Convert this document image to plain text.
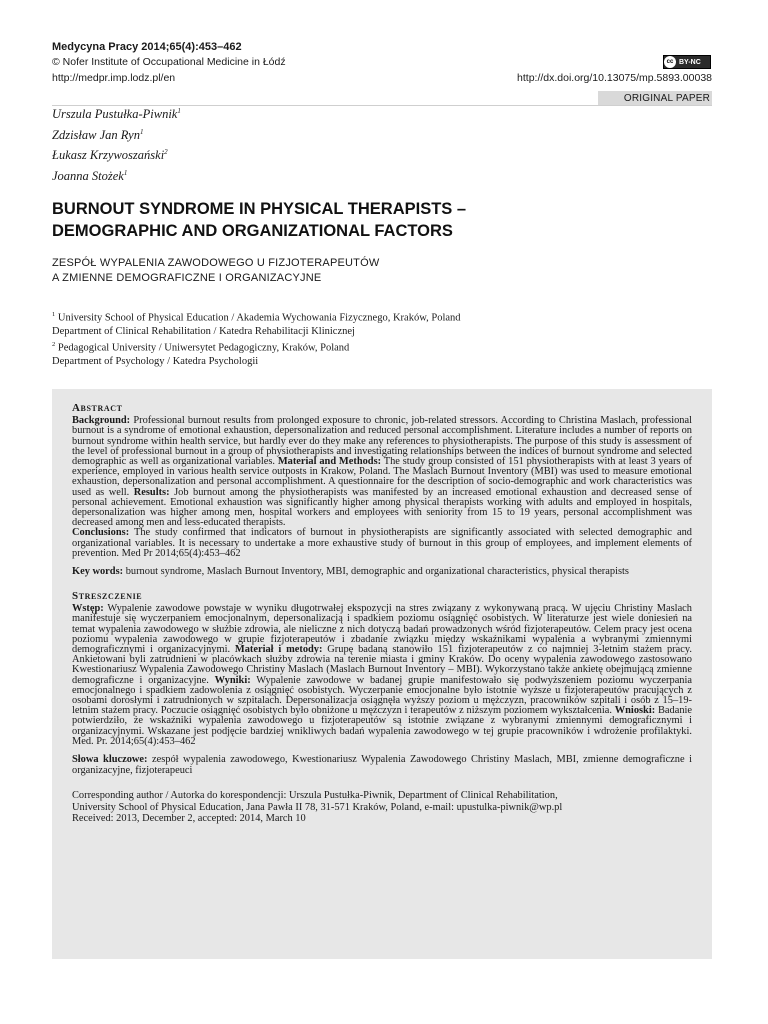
Medycyna Pracy 2014;65(4):453–462
© Nofer Institute of Occupational Medicine in Łódź
http://medpr.imp.lodz.pl/en
cc BY-NC
http://dx.doi.org/10.13075/mp.5893.00038
ORIGINAL PAPER
Urszula Pustułka-Piwnik$^1$
Zdzisław Jan Ryn$^1$
Łukasz Krzywoszański$^2$
Joanna Stożek$^1$
BURNOUT SYNDROME IN PHYSICAL THERAPISTS –
DEMOGRAPHIC AND ORGANIZATIONAL FACTORS
ZESPÓŁ WYPALENIA ZAWODOWEGO U FIZJOTERAPEUTÓW
A ZMIENNE DEMOGRAFICZNE I ORGANIZACYJNE
$^1$ University School of Physical Education / Akademia Wychowania Fizycznego, Kraków, Poland
Department of Clinical Rehabilitation / Katedra Rehabilitacji Klinicznej
$^2$ Pedagogical University / Uniwersytet Pedagogiczny, Kraków, Poland
Department of Psychology / Katedra Psychologii
Abstract

Background: Professional burnout results from prolonged exposure to chronic, job-related stressors. According to Christina Maslach, professional burnout is a syndrome of emotional exhaustion, depersonalization and reduced personal accomplishment. Literature includes a number of reports on burnout syndrome within health service, but hardly ever do they make any references to physiotherapists. The purpose of this study is assessment of the level of professional burnout in a group of physiotherapists and investigating relationships between the indices of burnout syndrome and selected demographic as well as organizational variables. Material and Methods: The study group consisted of 151 physiotherapists with at least 3 years of experience, employed in various health service outposts in Krakow, Poland. The Maslach Burnout Inventory (MBI) was used to measure emotional exhaustion, depersonalization and personal accomplishment. A questionnaire for the description of socio-demographic and work characteristics was used as well. Results: Job burnout among the physiotherapists was manifested by an increased emotional exhaustion and decreased sense of personal achievement. Emotional exhaustion was significantly higher among physical therapists working with adults and employed in hospitals, depersonalization was higher among men, hospital workers and employees with seniority from 15 to 19 years, personal accomplishment was decreased among men and less-educated therapists.
Conclusions: The study confirmed that indicators of burnout in physiotherapists are significantly associated with selected demographic and organizational variables. It is necessary to undertake a more exhaustive study of burnout in this group of employees, and implement elements of prevention. Med Pr 2014;65(4):453–462

Key words: burnout syndrome, Maslach Burnout Inventory, MBI, demographic and organizational characteristics, physical therapists

Streszczenie

Wstęp: Wypalenie zawodowe powstaje w wyniku długotrwałej ekspozycji na stres związany z wykonywaną pracą. W ujęciu Christiny Maslach manifestuje się wyczerpaniem emocjonalnym, depersonalizacją i spadkiem poziomu osiągnięć osobistych. W literaturze jest wiele doniesień na temat wypalenia zawodowego w służbie zdrowia, ale nieliczne z nich dotyczą badań prowadzonych wśród fizjoterapeutów. Celem pracy jest ocena poziomu wypalenia zawodowego w grupie fizjoterapeutów i zbadanie związku między wskaźnikami wypalenia a wybranymi zmiennymi demograficznymi i organizacyjnymi. Materiał i metody: Grupę badaną stanowiło 151 fizjoterapeutów z co najmniej 3-letnim stażem pracy. Ankietowani byli zatrudnieni w placówkach służby zdrowia na terenie miasta i gminy Kraków. Do oceny wypalenia zawodowego zastosowano Kwestionariusz Wypalenia Zawodowego Christiny Maslach (Maslach Burnout Inventory – MBI). Wykorzystano także ankietę obejmującą zmienne demograficzne i organizacyjne. Wyniki: Wypalenie zawodowe w badanej grupie manifestowało się podwyższeniem poziomu wyczerpania emocjonalnego i spadkiem zadowolenia z osiągnięć osobistych. Wyczerpanie emocjonalne było istotnie wyższe u fizjoterapeutów pracujących z osobami dorosłymi i zatrudnionych w szpitalach. Depersonalizacja osiągnęła wyższy poziom u mężczyzn, pracowników szpitali i osób z 15–19-letnim stażem pracy. Poczucie osiągnięć osobistych było obniżone u mężczyzn i terapeutów z niższym poziomem wykształcenia. Wnioski: Badanie potwierdziło, że wskaźniki wypalenia zawodowego u fizjoterapeutów są istotnie związane z wybranymi zmiennymi demograficznymi i organizacyjnymi. Wskazane jest podjęcie bardziej wnikliwych badań wypalenia zawodowego w tej grupie pracowników i wdrożenie profilaktyki. Med. Pr. 2014;65(4):453–462

Słowa kluczowe: zespół wypalenia zawodowego, Kwestionariusz Wypalenia Zawodowego Christiny Maslach, MBI, zmienne demograficzne i organizacyjne, fizjoterapeuci

Corresponding author / Autorka do korespondencji: Urszula Pustułka-Piwnik, Department of Clinical Rehabilitation,
University School of Physical Education, Jana Pawła II 78, 31-571 Kraków, Poland, e-mail: upustulka-piwnik@wp.pl
Received: 2013, December 2, accepted: 2014, March 10
